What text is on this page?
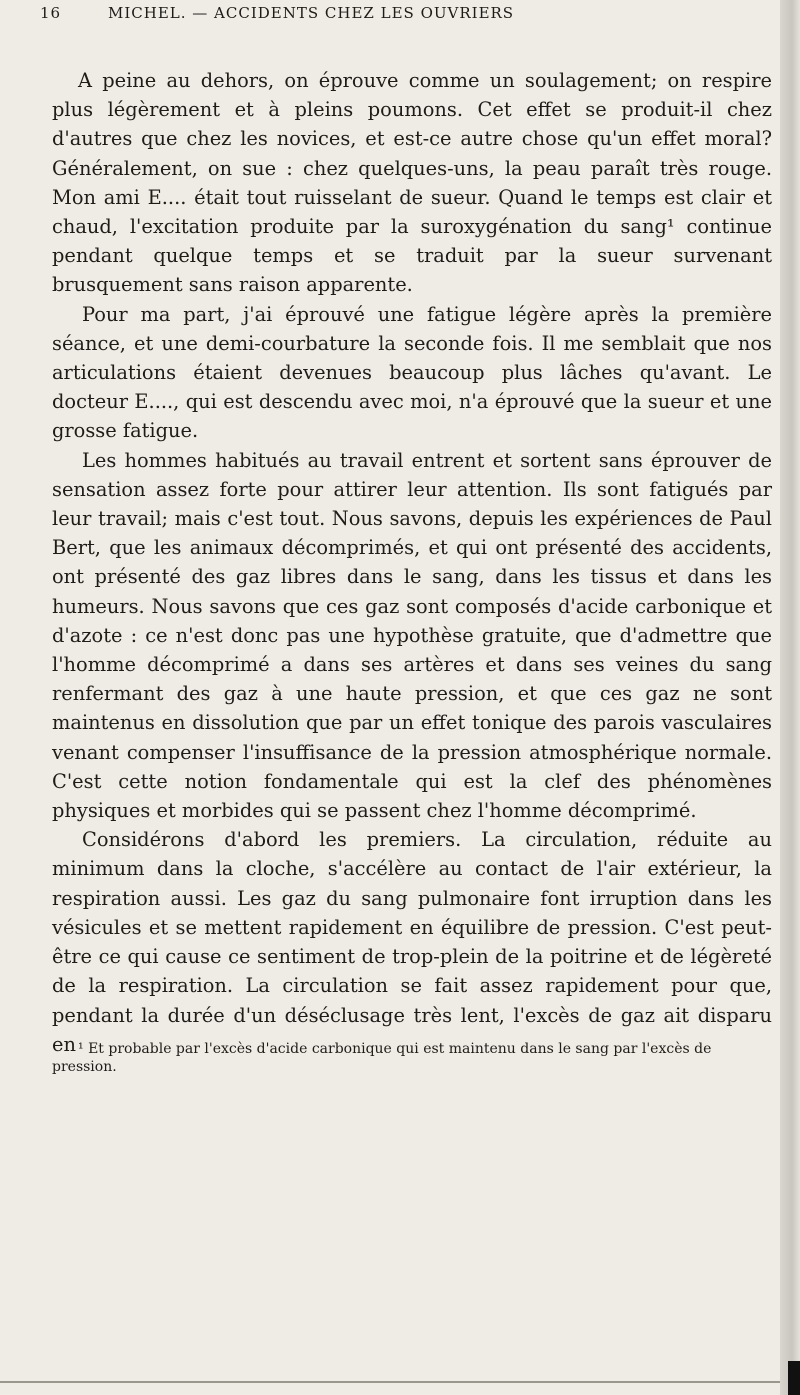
16	MICHEL. — ACCIDENTS CHEZ LES OUVRIERS

A peine au dehors, on éprouve comme un soulagement; on respire plus légèrement et à pleins poumons. Cet effet se produit-il chez d'autres que chez les novices, et est-ce autre chose qu'un effet moral? Généralement, on sue : chez quelques-uns, la peau paraît très rouge. Mon ami E.... était tout ruisselant de sueur. Quand le temps est clair et chaud, l'excitation produite par la suroxygénation du sang¹ continue pendant quelque temps et se traduit par la sueur survenant brusquement sans raison apparente.

Pour ma part, j'ai éprouvé une fatigue légère après la première séance, et une demi-courbature la seconde fois. Il me semblait que nos articulations étaient devenues beaucoup plus lâches qu'avant. Le docteur E...., qui est descendu avec moi, n'a éprouvé que la sueur et une grosse fatigue.

Les hommes habitués au travail entrent et sortent sans éprouver de sensation assez forte pour attirer leur attention. Ils sont fatigués par leur travail; mais c'est tout. Nous savons, depuis les expériences de Paul Bert, que les animaux décomprimés, et qui ont présenté des accidents, ont présenté des gaz libres dans le sang, dans les tissus et dans les humeurs. Nous savons que ces gaz sont composés d'acide carbonique et d'azote : ce n'est donc pas une hypothèse gratuite, que d'admettre que l'homme décomprimé a dans ses artères et dans ses veines du sang renfermant des gaz à une haute pression, et que ces gaz ne sont maintenus en dissolution que par un effet tonique des parois vasculaires venant compenser l'insuffisance de la pression atmosphérique normale. C'est cette notion fondamentale qui est la clef des phénomènes physiques et morbides qui se passent chez l'homme décomprimé.

Considérons d'abord les premiers. La circulation, réduite au minimum dans la cloche, s'accélère au contact de l'air extérieur, la respiration aussi. Les gaz du sang pulmonaire font irruption dans les vésicules et se mettent rapidement en équilibre de pression. C'est peut-être ce qui cause ce sentiment de trop-plein de la poitrine et de légèreté de la respiration. La circulation se fait assez rapidement pour que, pendant la durée d'un déséclusage très lent, l'excès de gaz ait disparu en ¹ Et probable par l'excès d'acide carbonique qui est maintenu dans le sang par l'excès de pression.
